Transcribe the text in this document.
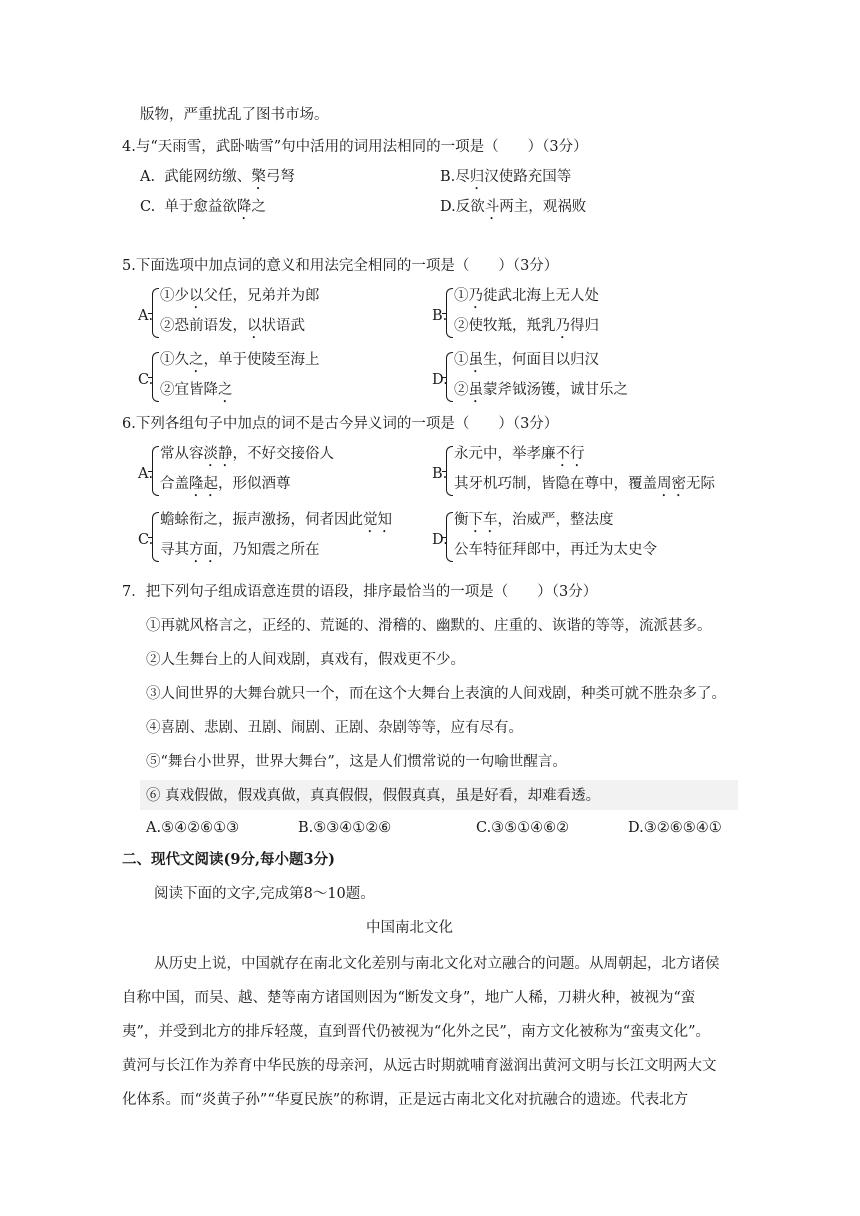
版物，严重扰乱了图书市场。
4.与“天雨雪，武卧啮雪”句中活用的词用法相同的一项是（　　）（3分）
A.  武能网纺缴、檠弓弩	B.尽归汉使路充国等
C.  单于愈益欲降之	D.反欲斗两主，观祸败
5.下面选项中加点词的意义和用法完全相同的一项是（　　）（3分）
A.
①少以父任，兄弟并为郎
②恐前语发，以状语武
B.
①乃徙武北海上无人处
②使牧羝，羝乳乃得归
C.
①久之，单于使陵至海上
②宜皆降之
D.
①虽生，何面目以归汉
②虽蒙斧钺汤镬，诚甘乐之
6.下列各组句子中加点的词不是古今异义词的一项是（　　）（3分）
A.
常从容淡静，不好交接俗人
合盖隆起，形似酒尊
B.
永元中，举孝廉不行
其牙机巧制，皆隐在尊中，覆盖周密无际
C.
蟾蜍衔之，振声激扬，伺者因此觉知
寻其方面，乃知震之所在
D.
衡下车，治威严，整法度
公车特征拜郎中，再迁为太史令
7．把下列句子组成语意连贯的语段，排序最恰当的一项是（　　）（3分）
①再就风格言之，正经的、荒诞的、滑稽的、幽默的、庄重的、诙谐的等等，流派甚多。
②人生舞台上的人间戏剧，真戏有，假戏更不少。
③人间世界的大舞台就只一个，而在这个大舞台上表演的人间戏剧，种类可就不胜杂多了。
④喜剧、悲剧、丑剧、闹剧、正剧、杂剧等等，应有尽有。
⑤“舞台小世界，世界大舞台”，这是人们惯常说的一句喻世醒言。
⑥ 真戏假做，假戏真做，真真假假，假假真真，虽是好看，却难看透。
A.⑤④②⑥①③	B.⑤③④①②⑥	C.③⑤①④⑥②	D.③②⑥⑤④①
二、现代文阅读(9分,每小题3分)
阅读下面的文字,完成第8～10题。
中国南北文化
从历史上说，中国就存在南北文化差别与南北文化对立融合的问题。从周朝起，北方诸侯
自称中国，而吴、越、楚等南方诸国则因为“断发文身”，地广人稀，刀耕火种，被视为“蛮
夷”，并受到北方的排斥轻蔑，直到晋代仍被视为“化外之民”，南方文化被称为“蛮夷文化”。
黄河与长江作为养育中华民族的母亲河，从远古时期就哺育滋润出黄河文明与长江文明两大文
化体系。而“炎黄子孙”“华夏民族”的称谓，正是远古南北文化对抗融合的遗迹。代表北方
